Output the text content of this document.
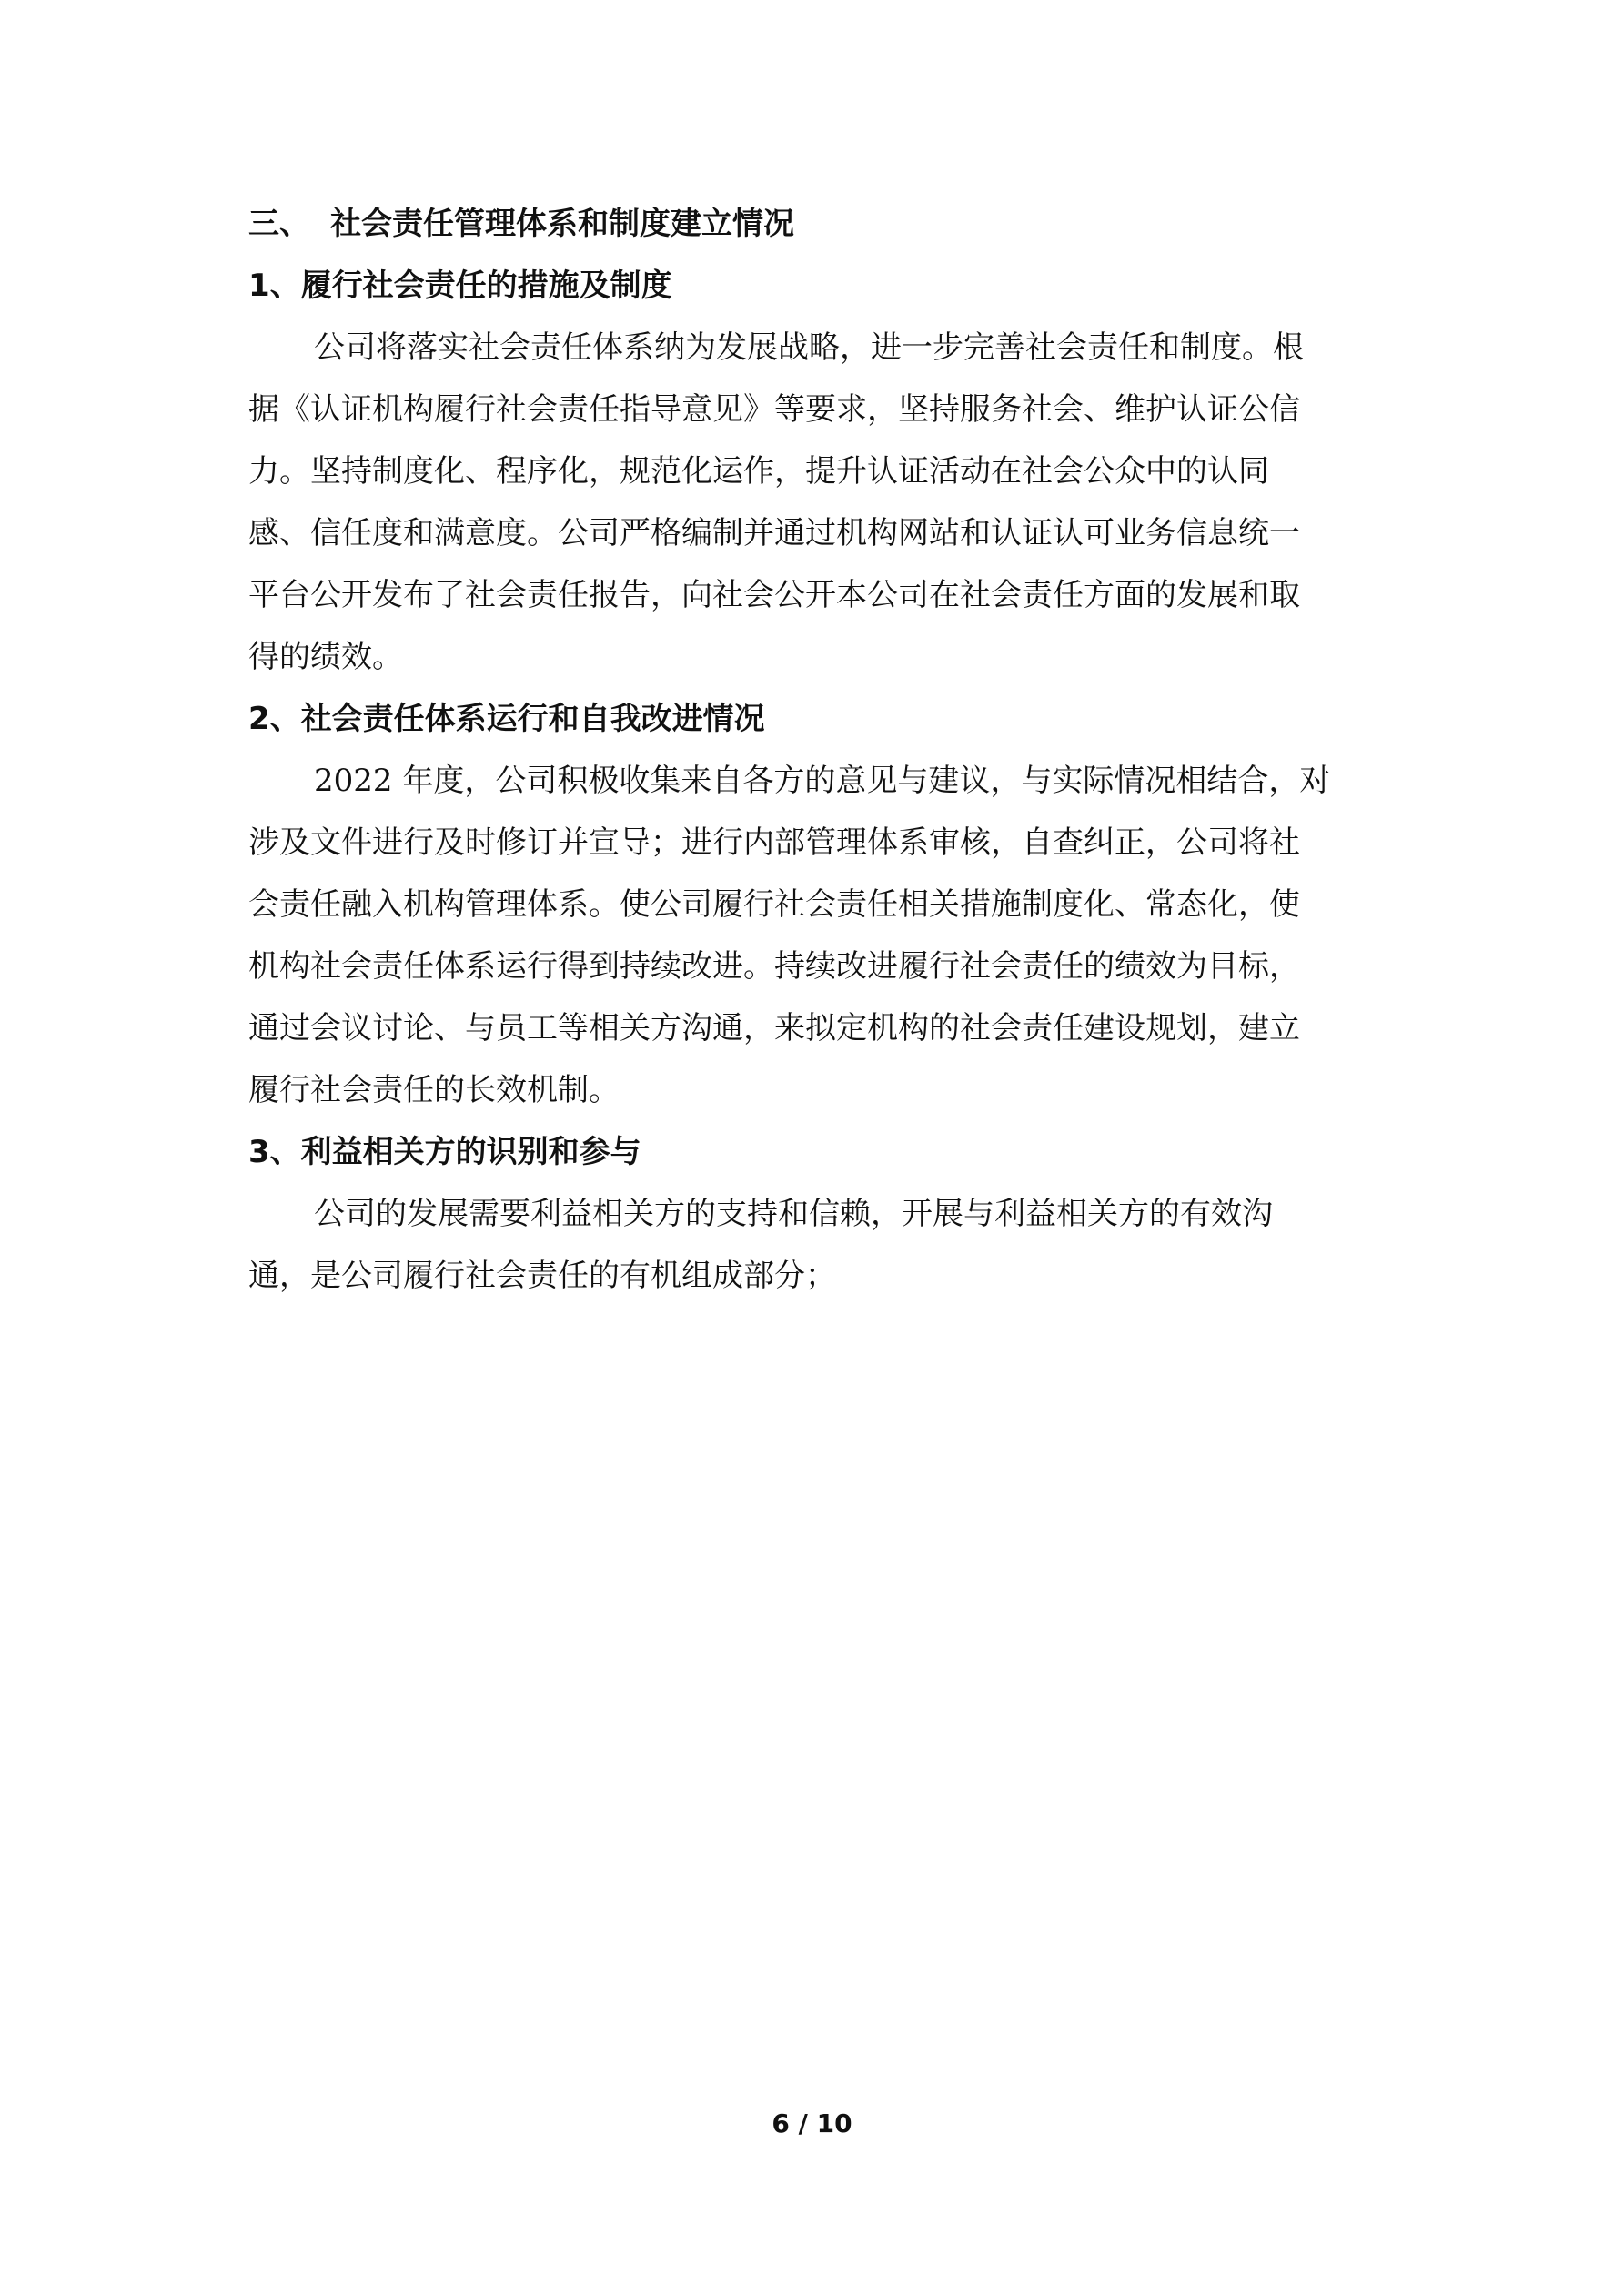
三、 社会责任管理体系和制度建立情况
1、履行社会责任的措施及制度

公司将落实社会责任体系纳为发展战略，进一步完善社会责任和制度。根
据《认证机构履行社会责任指导意见》等要求，坚持服务社会、维护认证公信
力。坚持制度化、程序化，规范化运作，提升认证活动在社会公众中的认同
感、信任度和满意度。公司严格编制并通过机构网站和认证认可业务信息统一
平台公开发布了社会责任报告，向社会公开本公司在社会责任方面的发展和取
得的绩效。

2、社会责任体系运行和自我改进情况

2022 年度，公司积极收集来自各方的意见与建议，与实际情况相结合，对
涉及文件进行及时修订并宣导；进行内部管理体系审核，自查纠正，公司将社
会责任融入机构管理体系。使公司履行社会责任相关措施制度化、常态化，使
机构社会责任体系运行得到持续改进。持续改进履行社会责任的绩效为目标，
通过会议讨论、与员工等相关方沟通，来拟定机构的社会责任建设规划，建立
履行社会责任的长效机制。

3、利益相关方的识别和参与

公司的发展需要利益相关方的支持和信赖，开展与利益相关方的有效沟
通，是公司履行社会责任的有机组成部分；

6 / 10
